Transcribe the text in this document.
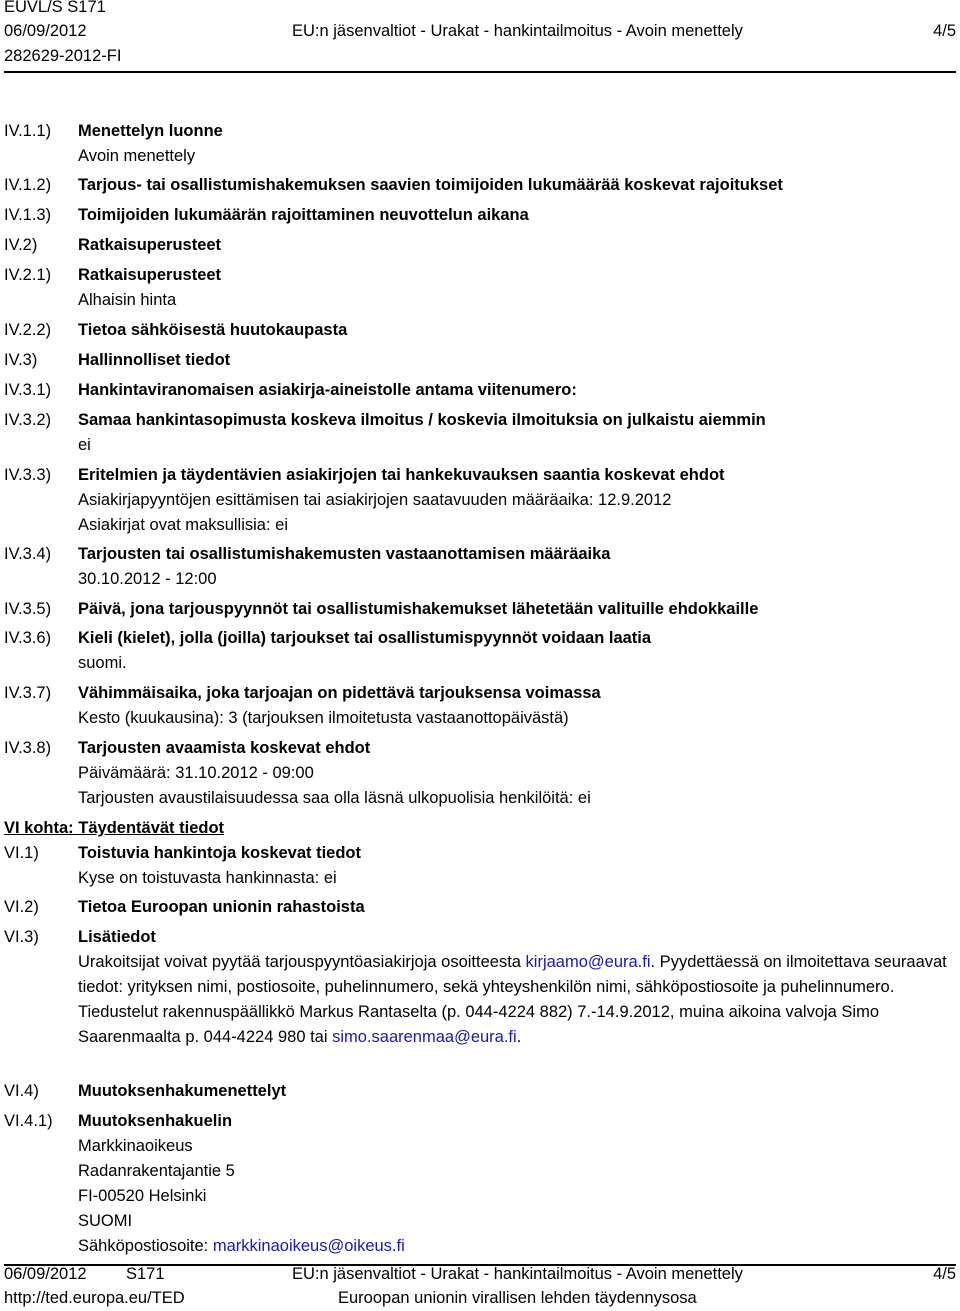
EUVL/S S171
06/09/2012	EU:n jäsenvaltiot - Urakat - hankintailmoitus - Avoin menettely	4/5
282629-2012-FI
IV.1.1)	Menettelyn luonne
Avoin menettely
IV.1.2)	Tarjous- tai osallistumishakemuksen saavien toimijoiden lukumäärää koskevat rajoitukset
IV.1.3)	Toimijoiden lukumäärän rajoittaminen neuvottelun aikana
IV.2)	Ratkaisuperusteet
IV.2.1)	Ratkaisuperusteet
Alhaisin hinta
IV.2.2)	Tietoa sähköisestä huutokaupasta
IV.3)	Hallinnolliset tiedot
IV.3.1)	Hankintaviranomaisen asiakirja-aineistolle antama viitenumero:
IV.3.2)	Samaa hankintasopimusta koskeva ilmoitus / koskevia ilmoituksia on julkaistu aiemmin
ei
IV.3.3)	Eritelmien ja täydentävien asiakirjojen tai hankekuvauksen saantia koskevat ehdot
Asiakirjapyyntöjen esittämisen tai asiakirjojen saatavuuden määräaika: 12.9.2012
Asiakirjat ovat maksullisia: ei
IV.3.4)	Tarjousten tai osallistumishakemusten vastaanottamisen määräaika
30.10.2012 - 12:00
IV.3.5)	Päivä, jona tarjouspyynnöt tai osallistumishakemukset lähetetään valituille ehdokkaille
IV.3.6)	Kieli (kielet), jolla (joilla) tarjoukset tai osallistumispyynnöt voidaan laatia
suomi.
IV.3.7)	Vähimmäisaika, joka tarjoajan on pidettävä tarjouksensa voimassa
Kesto (kuukausina): 3 (tarjouksen ilmoitetusta vastaanottopäivästä)
IV.3.8)	Tarjousten avaamista koskevat ehdot
Päivämäärä: 31.10.2012 - 09:00
Tarjousten avaustilaisuudessa saa olla läsnä ulkopuolisia henkilöitä: ei
VI kohta: Täydentävät tiedot
VI.1)	Toistuvia hankintoja koskevat tiedot
Kyse on toistuvasta hankinnasta: ei
VI.2)	Tietoa Euroopan unionin rahastoista
VI.3)	Lisätiedot
Urakoitsijat voivat pyytää tarjouspyyntöasiakirjoja osoitteesta kirjaamo@eura.fi. Pyydettäessä on ilmoitettava seuraavat tiedot: yrityksen nimi, postiosoite, puhelinnumero, sekä yhteyshenkilön nimi, sähköpostiosoite ja puhelinnumero.
Tiedustelut rakennuspäällikkö Markus Rantaselta (p. 044-4224 882) 7.-14.9.2012, muina aikoina valvoja Simo Saarenmaalta p. 044-4224 980 tai simo.saarenmaa@eura.fi.
VI.4)	Muutoksenhakumenettelyt
VI.4.1)	Muutoksenhakuelin
Markkinaoikeus
Radanrakentajantie 5
FI-00520 Helsinki
SUOMI
Sähköpostiosoite: markkinaoikeus@oikeus.fi
06/09/2012 S171	EU:n jäsenvaltiot - Urakat - hankintailmoitus - Avoin menettely	4/5
http://ted.europa.eu/TED	Euroopan unionin virallisen lehden täydennysosa
